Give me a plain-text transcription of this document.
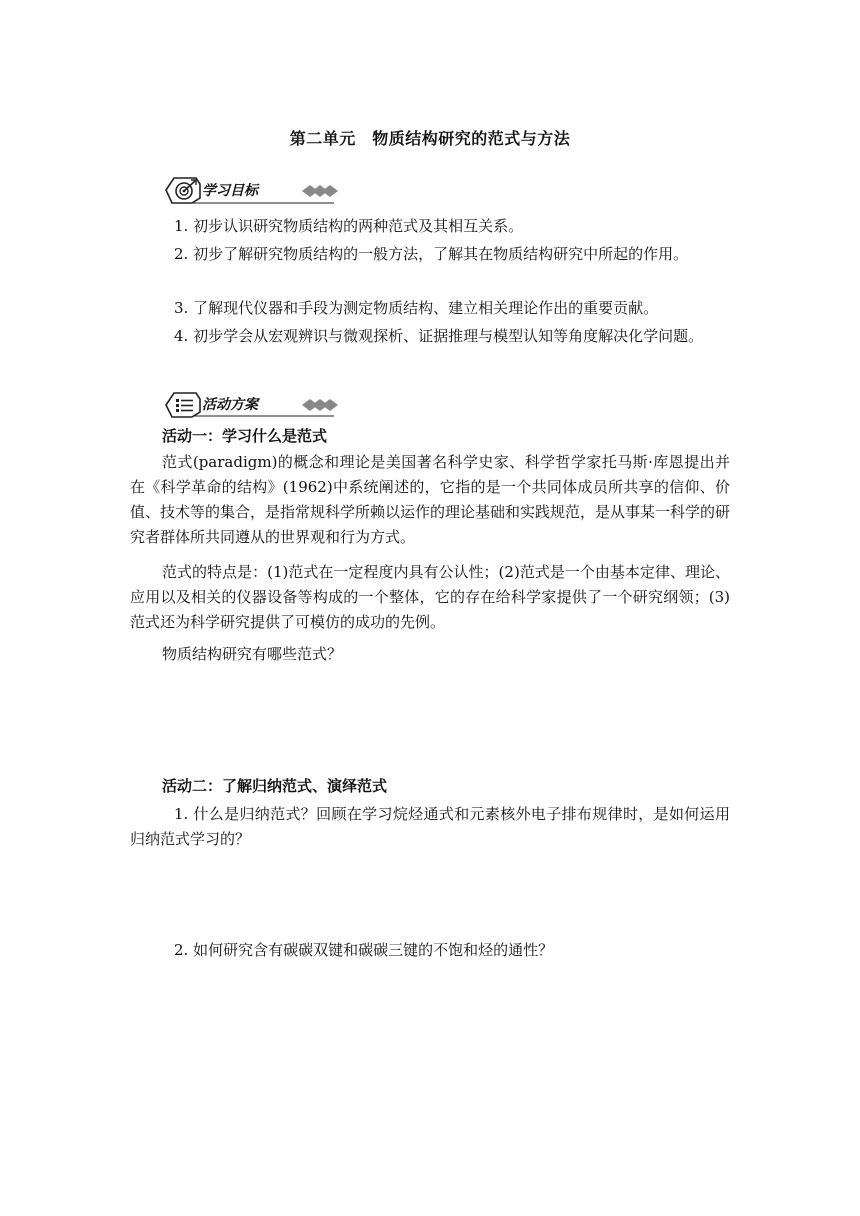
第二单元　物质结构研究的范式与方法
学习目标
1. 初步认识研究物质结构的两种范式及其相互关系。
2. 初步了解研究物质结构的一般方法，了解其在物质结构研究中所起的作用。
3. 了解现代仪器和手段为测定物质结构、建立相关理论作出的重要贡献。
4. 初步学会从宏观辨识与微观探析、证据推理与模型认知等角度解决化学问题。
活动方案
活动一：学习什么是范式
范式(paradigm)的概念和理论是美国著名科学史家、科学哲学家托马斯·库恩提出并在《科学革命的结构》(1962)中系统阐述的，它指的是一个共同体成员所共享的信仰、价值、技术等的集合，是指常规科学所赖以运作的理论基础和实践规范，是从事某一科学的研究者群体所共同遵从的世界观和行为方式。
范式的特点是：(1)范式在一定程度内具有公认性；(2)范式是一个由基本定律、理论、应用以及相关的仪器设备等构成的一个整体，它的存在给科学家提供了一个研究纲领；(3)范式还为科学研究提供了可模仿的成功的先例。
物质结构研究有哪些范式？
活动二：了解归纳范式、演绎范式
1. 什么是归纳范式？回顾在学习烷烃通式和元素核外电子排布规律时，是如何运用归纳范式学习的？
2. 如何研究含有碳碳双键和碳碳三键的不饱和烃的通性？
